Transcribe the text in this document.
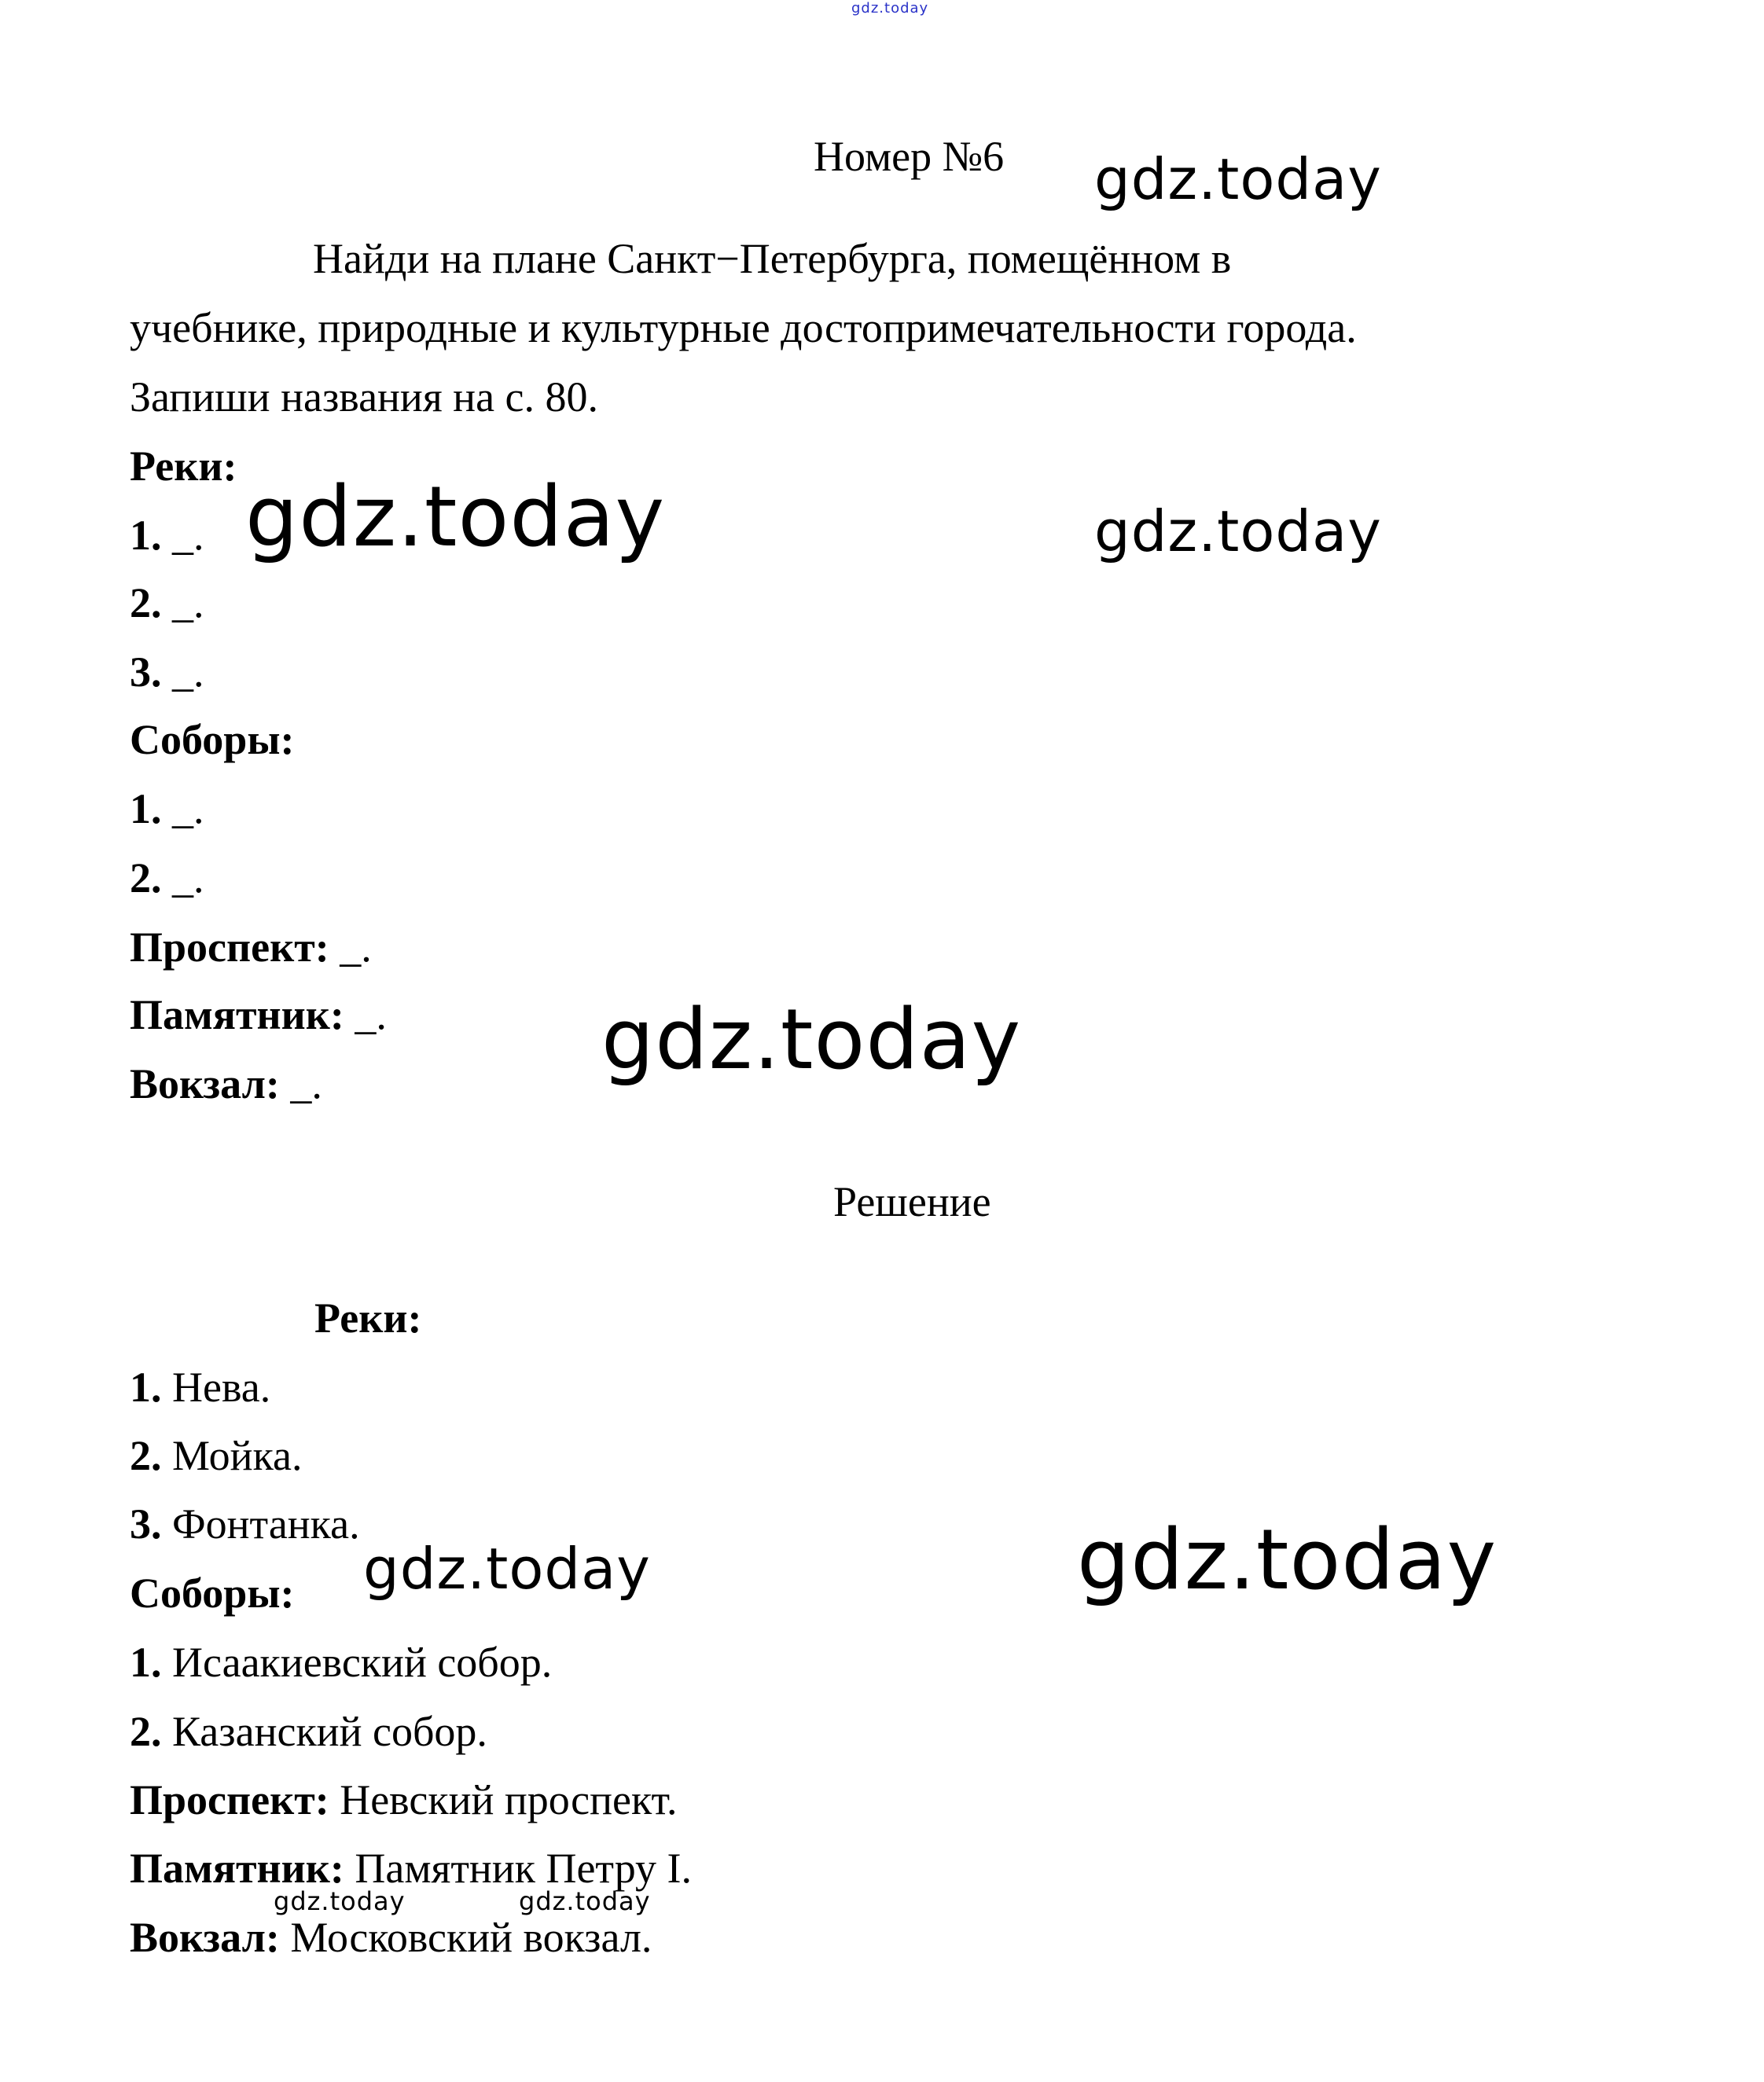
gdz.today
gdz.today
gdz.today	gdz.today
gdz.today
gdz.today	gdz.today
gdz.today	gdz.today
Номер №6
Найди на плане Санкт−Петербурга, помещённом в
учебнике, природные и культурные достопримечательности города.
Запиши названия на с. 80.
Реки:
1. _.
2. _.
3. _.
Соборы:
1. _.
2. _.
Проспект: _.
Памятник: _.
Вокзал: _.
Решение
Реки:
1. Нева.
2. Мойка.
3. Фонтанка.
Соборы:
1. Исаакиевский собор.
2. Казанский собор.
Проспект: Невский проспект.
Памятник: Памятник Петру I.
Вокзал: Московский вокзал.
